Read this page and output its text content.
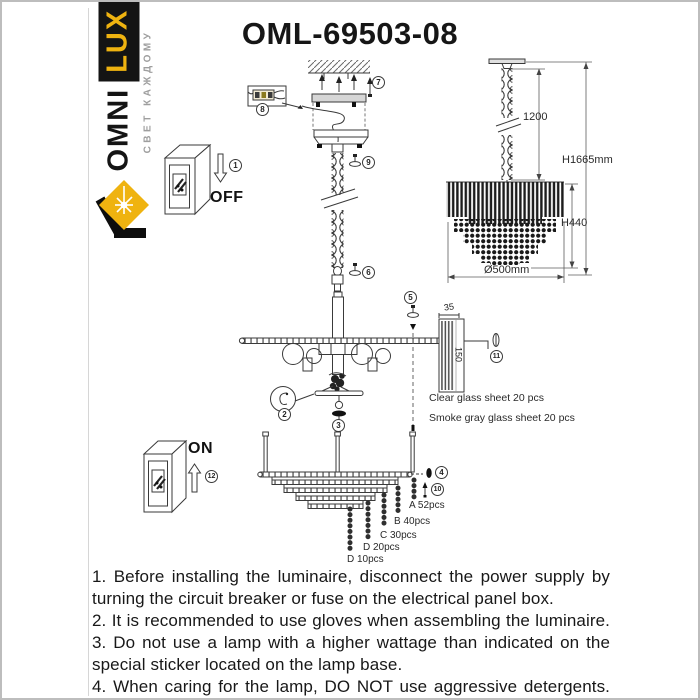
OML-69503-08
OMNI
LUX СВЕТ КАЖДОМУ
OFF
ON
1
2
3
4
5
6
7
8
9
10
11
12
1200
H1665mm
H440
Ø500mm
35
150
Clear glass sheet 20 pcs
Smoke gray glass sheet 20 pcs
A 52pcs
B 40pcs
C 30pcs
D 20pcs
D 10pcs

1. Before installing the luminaire, disconnect the power supply by turning the circuit breaker or fuse on the electrical panel box.

2. It is recommended to use gloves when assembling the luminaire.

3. Do not use a lamp with a higher wattage than indicated on the special sticker located on the lamp base.

4. When caring for the lamp, DO NOT use aggressive detergents.
